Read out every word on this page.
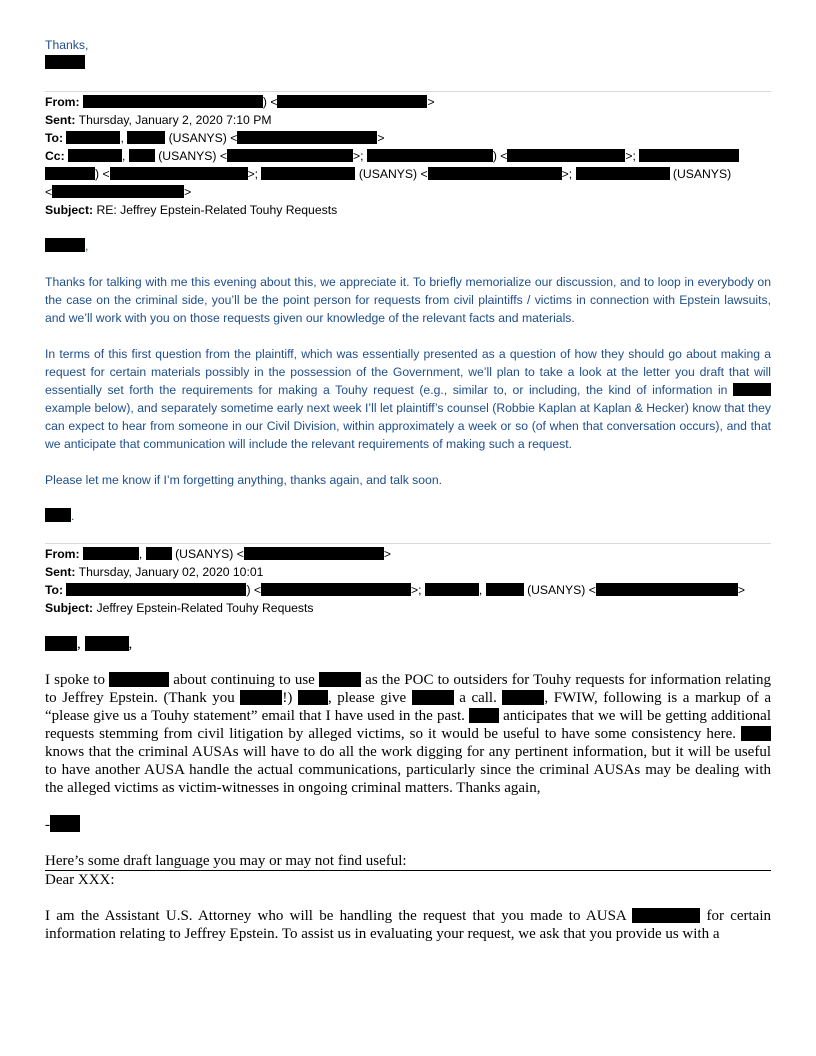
Thanks,
From:	) <	>
Sent: Thursday, January 2, 2020 7:10 PM
To:	,	(USANYS) <	>
Cc:	,  (USANYS) <	>;	) <	>;
) <	>;	(USANYS) <	>;	(USANYS)
<	>
Subject: RE: Jeffrey Epstein-Related Touhy Requests
,

Thanks for talking with me this evening about this, we appreciate it. To briefly memorialize our discussion, and to loop in everybody on the case on the criminal side, you’ll be the point person for requests from civil plaintiffs / victims in connection with Epstein lawsuits, and we’ll work with you on those requests given our knowledge of the relevant facts and materials.

In terms of this first question from the plaintiff, which was essentially presented as a question of how they should go about making a request for certain materials possibly in the possession of the Government, we’ll plan to take a look at the letter you draft that will essentially set forth the requirements for making a Touhy request (e.g., similar to, or including, the kind of information in  example below), and separately sometime early next week I’ll let plaintiff’s counsel (Robbie Kaplan at Kaplan & Hecker) know that they can expect to hear from someone in our Civil Division, within approximately a week or so (of when that conversation occurs), and that we anticipate that communication will include the relevant requirements of making such a request.

Please let me know if I’m forgetting anything, thanks again, and talk soon.

.
From:	,  (USANYS) <	>
Sent: Thursday, January 02, 2020 10:01
To:	) <	>;	,	(USANYS) <	>
Subject: Jeffrey Epstein-Related Touhy Requests
,	,

I spoke to	about continuing to use	as the POC to outsiders for Touhy requests for information relating to Jeffrey Epstein. (Thank you	!) , please give	a call.	, FWIW, following is a markup of a “please give us a Touhy statement” email that I have used in the past.	anticipates that we will be getting additional requests stemming from civil litigation by alleged victims, so it would be useful to have some consistency here.  knows that the criminal AUSAs will have to do all the work digging for any pertinent information, but it will be useful to have another AUSA handle the actual communications, particularly since the criminal AUSAs may be dealing with the alleged victims as victim-witnesses in ongoing criminal matters. Thanks again,

-
Here’s some draft language you may or may not find useful:
Dear XXX:

I am the Assistant U.S. Attorney who will be handling the request that you made to AUSA	for certain information relating to Jeffrey Epstein. To assist us in evaluating your request, we ask that you provide us with a
